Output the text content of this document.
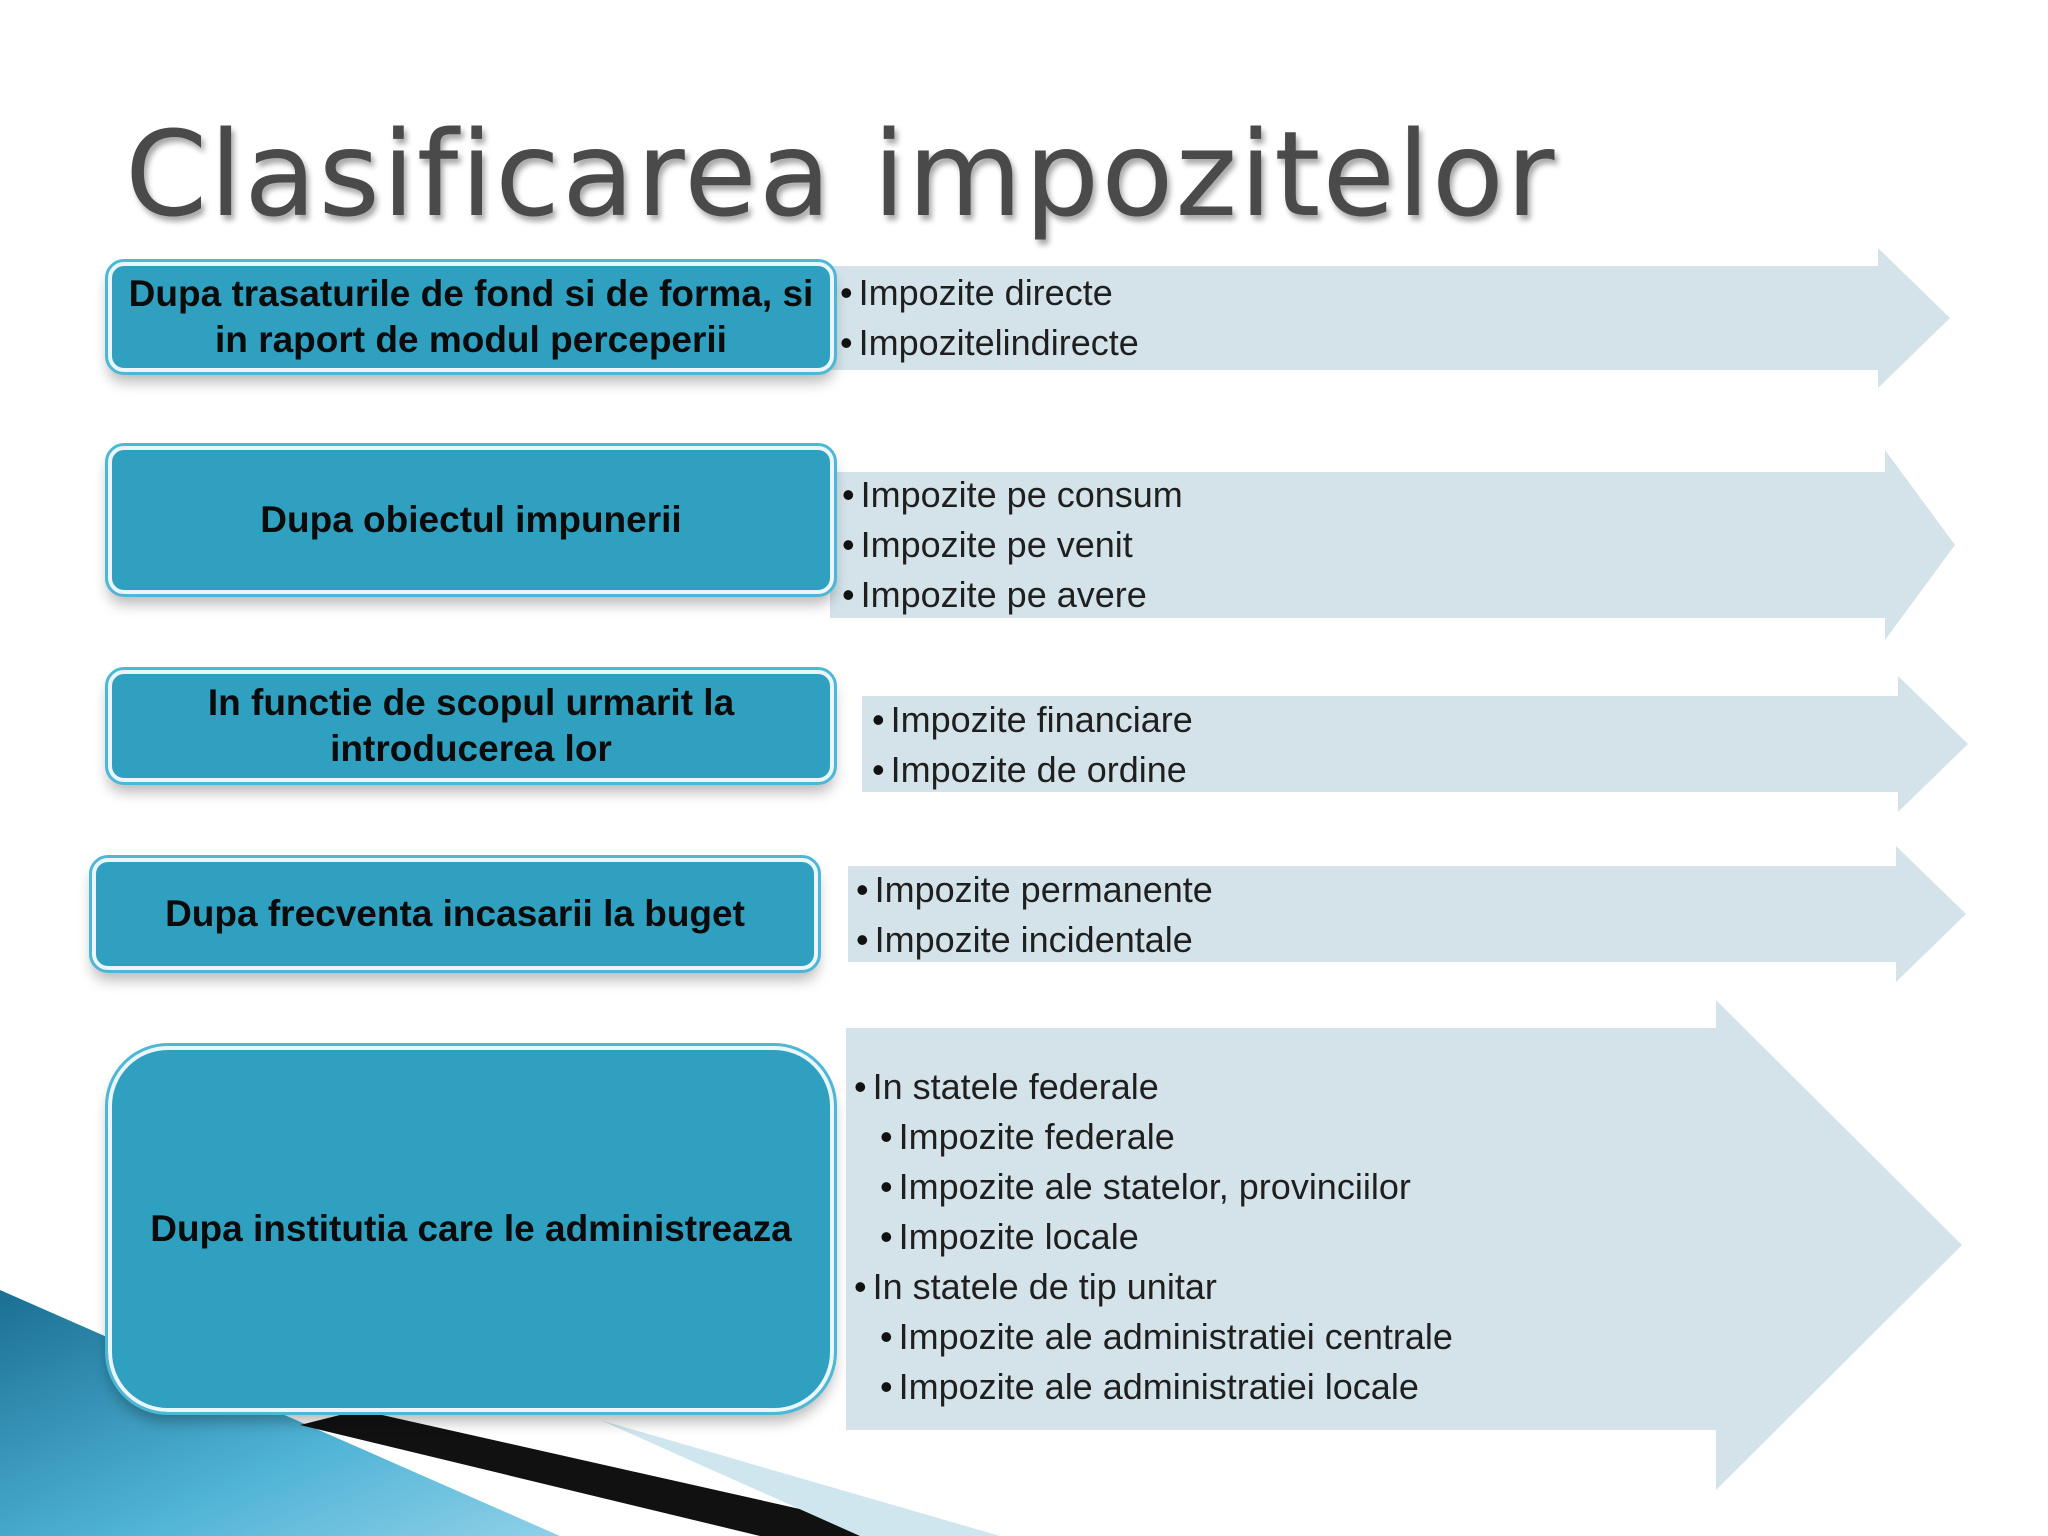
Clasificarea impozitelor
Dupa trasaturile de fond si de forma, si in raport de modul perceperii
Dupa obiectul impunerii
In functie de scopul urmarit la introducerea lor
Dupa frecventa incasarii la buget
Dupa institutia care le administreaza
• Impozite directe
• Impozitelindirecte
• Impozite pe consum
• Impozite pe venit
• Impozite pe avere
• Impozite financiare
• Impozite de ordine
• Impozite permanente
• Impozite incidentale
• In statele federale
• Impozite federale
• Impozite ale statelor, provinciilor
• Impozite locale
• In statele de tip unitar
• Impozite ale administratiei centrale
• Impozite ale administratiei locale
